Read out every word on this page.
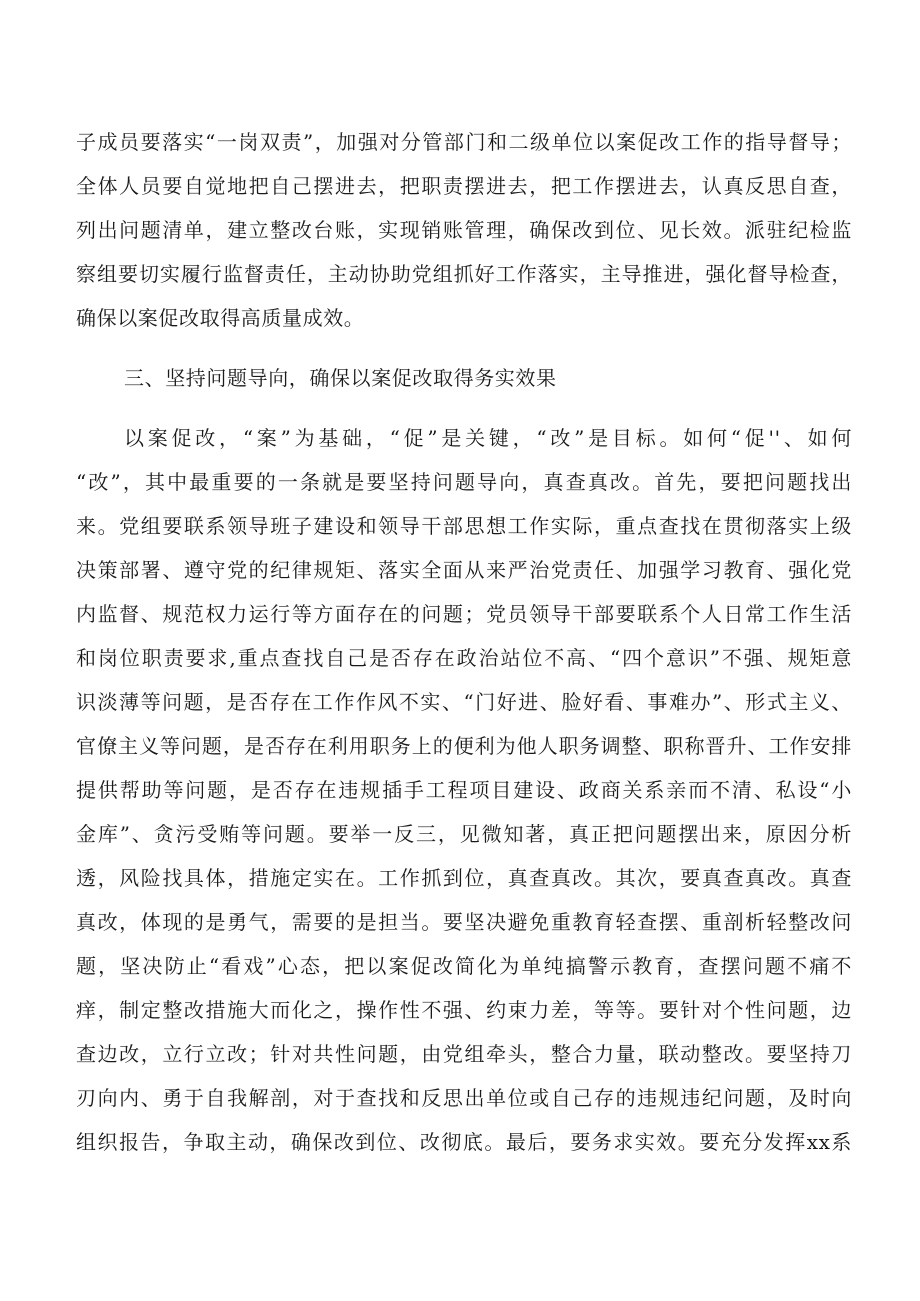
子成员要落实“一岗双责”，加强对分管部门和二级单位以案促改工作的指导督导；
全体人员要自觉地把自己摆进去，把职责摆进去，把工作摆进去，认真反思自查，
列出问题清单，建立整改台账，实现销账管理，确保改到位、见长效。派驻纪检监
察组要切实履行监督责任，主动协助党组抓好工作落实，主导推进，强化督导检查，
确保以案促改取得高质量成效。
三、坚持问题导向，确保以案促改取得务实效果
以案促改，“案”为基础，“促”是关键，“改”是目标。如何“促''、如何
“改”，其中最重要的一条就是要坚持问题导向，真查真改。首先，要把问题找出
来。党组要联系领导班子建设和领导干部思想工作实际，重点查找在贯彻落实上级
决策部署、遵守党的纪律规矩、落实全面从来严治党责任、加强学习教育、强化党
内监督、规范权力运行等方面存在的问题；党员领导干部要联系个人日常工作生活
和岗位职责要求,重点查找自己是否存在政治站位不高、“四个意识”不强、规矩意
识淡薄等问题，是否存在工作作风不实、“门好进、脸好看、事难办”、形式主义、
官僚主义等问题，是否存在利用职务上的便利为他人职务调整、职称晋升、工作安排
提供帮助等问题，是否存在违规插手工程项目建设、政商关系亲而不清、私设“小
金库”、贪污受贿等问题。要举一反三，见微知著，真正把问题摆出来，原因分析
透，风险找具体，措施定实在。工作抓到位，真查真改。其次，要真查真改。真查
真改，体现的是勇气，需要的是担当。要坚决避免重教育轻查摆、重剖析轻整改问
题，坚决防止“看戏”心态，把以案促改简化为单纯搞警示教育，查摆问题不痛不
痒，制定整改措施大而化之，操作性不强、约束力差，等等。要针对个性问题，边
查边改，立行立改；针对共性问题，由党组牵头，整合力量，联动整改。要坚持刀
刃向内、勇于自我解剖，对于查找和反思出单位或自己存的违规违纪问题，及时向
组织报告，争取主动，确保改到位、改彻底。最后，要务求实效。要充分发挥xx系
